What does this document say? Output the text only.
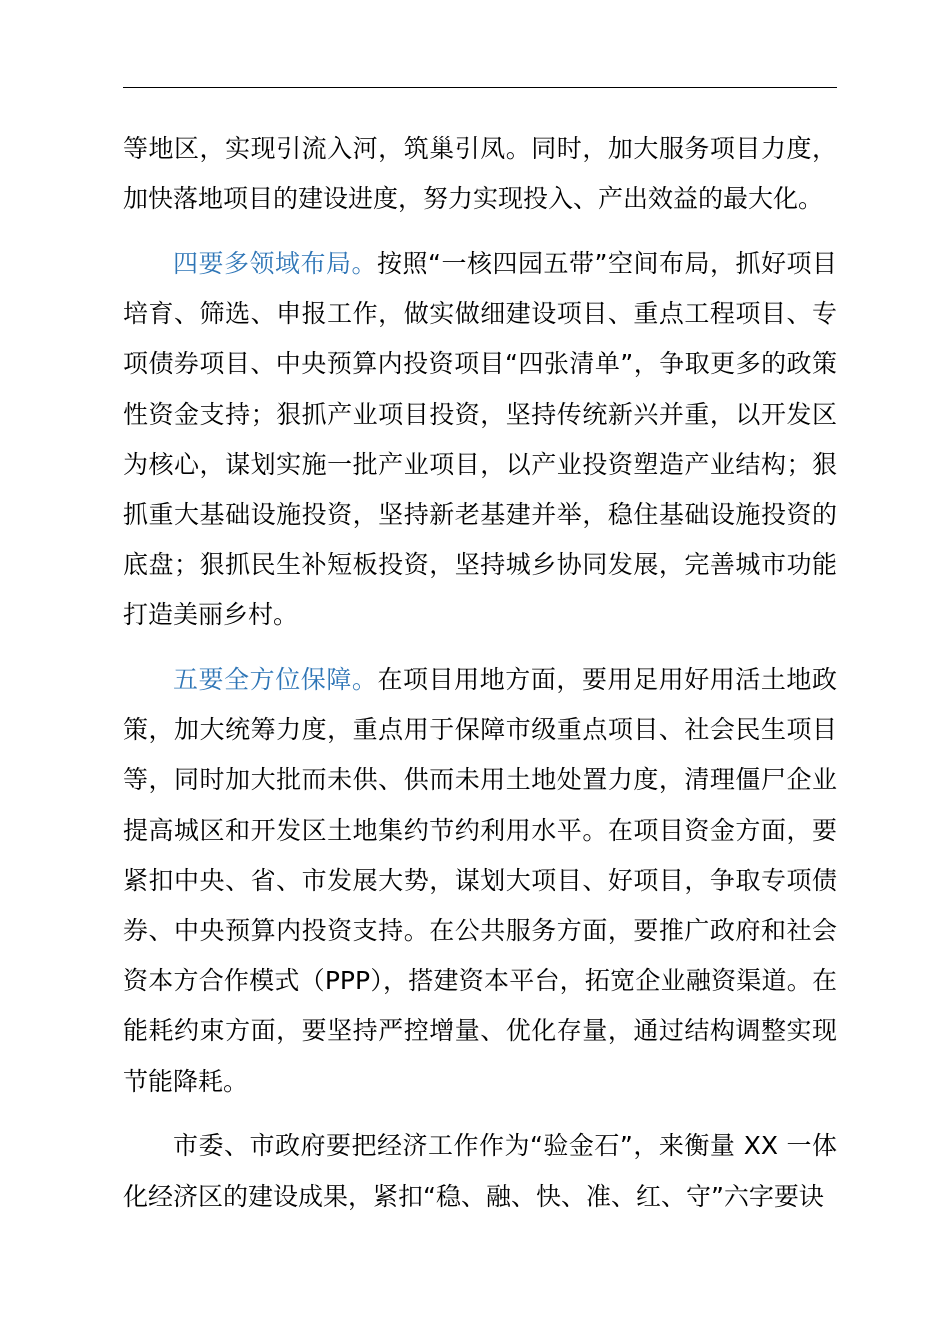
等地区，实现引流入河，筑巢引凤。同时，加大服务项目力度，加快落地项目的建设进度，努力实现投入、产出效益的最大化。

四要多领域布局。按照“一核四园五带”空间布局，抓好项目培育、筛选、申报工作，做实做细建设项目、重点工程项目、专项债券项目、中央预算内投资项目“四张清单”，争取更多的政策性资金支持；狠抓产业项目投资，坚持传统新兴并重，以开发区为核心，谋划实施一批产业项目，以产业投资塑造产业结构；狠抓重大基础设施投资，坚持新老基建并举，稳住基础设施投资的底盘；狠抓民生补短板投资，坚持城乡协同发展，完善城市功能打造美丽乡村。

五要全方位保障。在项目用地方面，要用足用好用活土地政策，加大统筹力度，重点用于保障市级重点项目、社会民生项目等，同时加大批而未供、供而未用土地处置力度，清理僵尸企业提高城区和开发区土地集约节约利用水平。在项目资金方面，要紧扣中央、省、市发展大势，谋划大项目、好项目，争取专项债券、中央预算内投资支持。在公共服务方面，要推广政府和社会资本方合作模式（PPP），搭建资本平台，拓宽企业融资渠道。在能耗约束方面，要坚持严控增量、优化存量，通过结构调整实现节能降耗。

市委、市政府要把经济工作作为“验金石”，来衡量 XX 一体化经济区的建设成果，紧扣“稳、融、快、准、红、守”六字要诀
